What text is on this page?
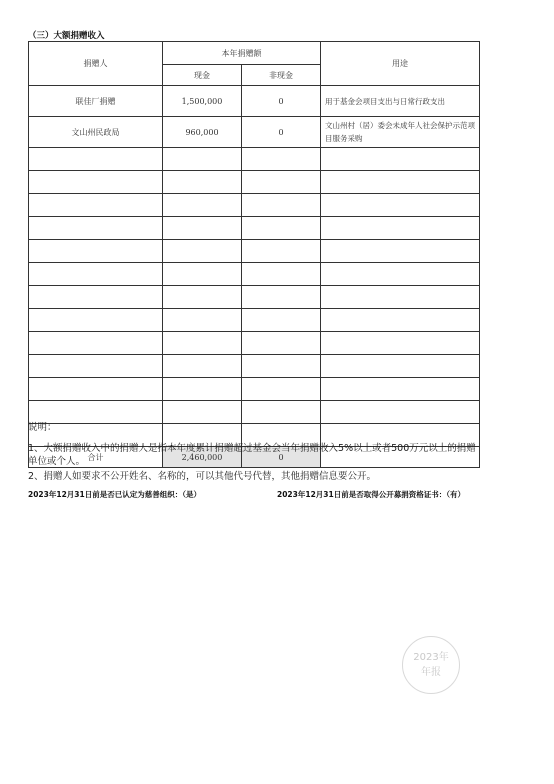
（三）大额捐赠收入
捐赠人	本年捐赠额		用途
	现金	非现金	
联佳厂捐赠	1,500,000	0	用于基金会项目支出与日常行政支出
文山州民政局	960,000	0	文山州村（居）委会未成年人社会保护示范项目服务采购

合计	2,460,000	0	
说明：
1、大额捐赠收入中的捐赠人是指本年度累计捐赠超过基金会当年捐赠收入5%以上或者500万元以上的捐赠单位或个人。
2、捐赠人如要求不公开姓名、名称的，可以其他代号代替，其他捐赠信息要公开。
2023年12月31日前是否已认定为慈善组织：（是）	2023年12月31日前是否取得公开募捐资格证书：（有）
2023年
年报
